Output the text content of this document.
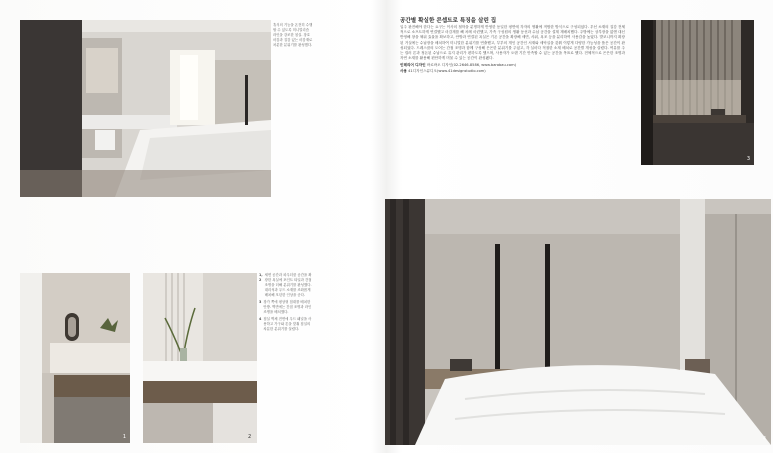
휴식의 기능을 온전히 수행할 수 있도록 미니멀리즘 라인을 강조한 침실. 창호 마감과 질감 있는 마감재로 차분한 분위기를 완성했다.
공간별 확실한 콘셉트로 특징을 살린 집
입주 완전해야 한다는 요구는 이사의 철학을 분명하게 반영한 동일한 평면에 각자의 생활에 적합한 방식으로 구성되었다. 우선 소재의 질감 전체적으로 소프트하게 연결했고 마감재를 빼 차례 마련했고, 가족 구성원의 생활 동선과 수납 공간을 설계 재배치했다. 주방에는 상부장을 없앤 대신 반영해 창을 채워 효율을 확보하고, 안방과 연결된 욕실은 기존 공간을 확장해 세면, 샤워, 욕조 등을 분리하여 사용감을 높였다. 발코니까지 확장된 거실에는 수납장을 배치하여 미니멀한 분위기를 연출했고, 부부의 개인 공간인 서재와 세탁실을 갖춰 이렇게 다양한 가능성을 품은 공간이 완성되었다. 드레스룸의 도어는 간접 조명과 함께 구성해 은은한 분위기를 주었고, 각 실마다 적절한 소재 배치로 공간별 개성을 살렸다. 여유를 주는 컬러 톤과 정돈된 수납으로 유지 관리가 편하도록 했으며, 사용자가 오랜 기간 만족할 수 있는 공간을 목표로 했다. 전체적으로 은은한 조명과 자연 소재를 활용해 편안하게 머물 수 있는 공간이 완성됐다.
인테리어 디자인 바로바오 디자인(02-2646-8586, www.barobau.com)
사용 41디자인스튜디오(www.41designstudio.com)
3
4
1	2
1, 2
세면 공간과 파우더룸 공간을 확장한 욕실에 포인트 타일과 간접 조명을 더해 분위기를 완성했다. 대리석과 우드 소재를 조화롭게 배치해 모던한 인상을 준다.
3 창가 쪽에 평상형 침대를 배치한 안방. 벽면에는 간접 조명과 라인 조명을 배치했다.
4 침실 벽체 전면에 우드 패널을 사용하고 가구와 톤을 맞춰 침실의 차분한 분위기를 살렸다.
